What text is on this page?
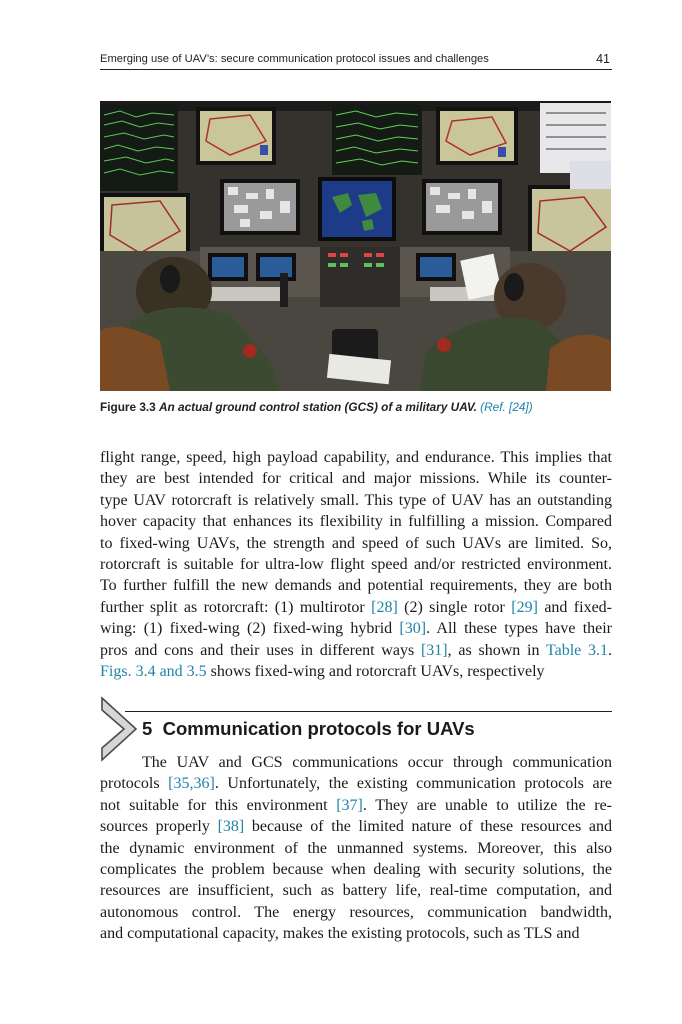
Emerging use of UAV’s: secure communication protocol issues and challenges	41
Figure 3.3 An actual ground control station (GCS) of a military UAV. (Ref. [24])
flight range, speed, high payload capability, and endurance. This implies that
they are best intended for critical and major missions. While its counter-
type UAV rotorcraft is relatively small. This type of UAV has an outstanding
hover capacity that enhances its flexibility in fulfilling a mission. Compared
to fixed-wing UAVs, the strength and speed of such UAVs are limited. So,
rotorcraft is suitable for ultra-low flight speed and/or restricted environment.
To further fulfill the new demands and potential requirements, they are both
further split as rotorcraft: (1) multirotor [28] (2) single rotor [29] and fixed-
wing: (1) fixed-wing (2) fixed-wing hybrid [30]. All these types have their
pros and cons and their uses in different ways [31], as shown in Table 3.1.
Figs. 3.4 and 3.5 shows fixed-wing and rotorcraft UAVs, respectively
5 Communication protocols for UAVs
The UAV and GCS communications occur through communication
protocols [35,36]. Unfortunately, the existing communication protocols are
not suitable for this environment [37]. They are unable to utilize the re-
sources properly [38] because of the limited nature of these resources and
the dynamic environment of the unmanned systems. Moreover, this also
complicates the problem because when dealing with security solutions, the
resources are insufficient, such as battery life, real-time computation, and
autonomous control. The energy resources, communication bandwidth,
and computational capacity, makes the existing protocols, such as TLS and
